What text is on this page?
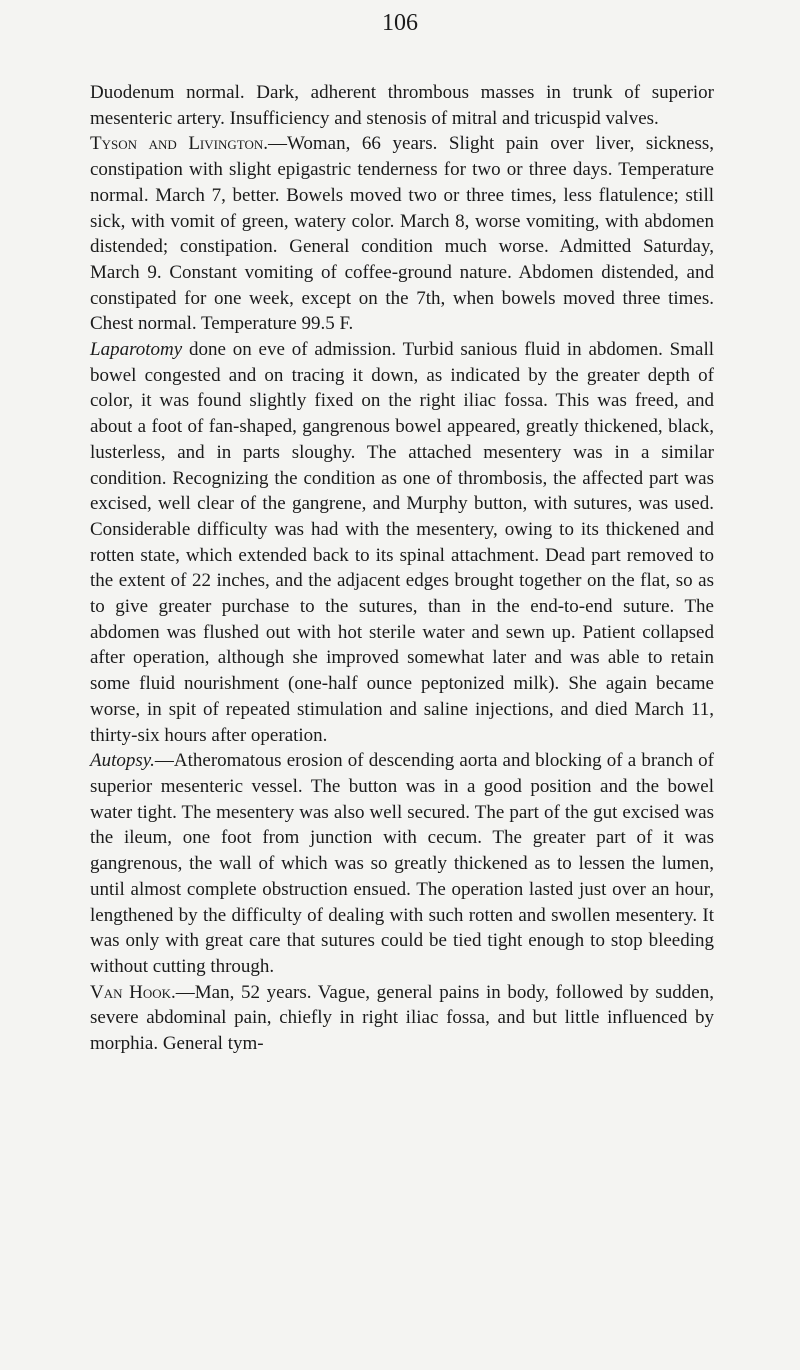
106

Duodenum normal. Dark, adherent thrombous masses in trunk of superior mesenteric artery. Insufficiency and stenosis of mitral and tricuspid valves.

Tyson and Livington.—Woman, 66 years. Slight pain over liver, sickness, constipation with slight epigastric tenderness for two or three days. Temperature normal. March 7, better. Bowels moved two or three times, less flatulence; still sick, with vomit of green, watery color. March 8, worse vomiting, with abdomen distended; constipation. General condition much worse. Admitted Saturday, March 9. Constant vomiting of coffee-ground nature. Abdomen distended, and constipated for one week, except on the 7th, when bowels moved three times. Chest normal. Temperature 99.5 F.

Laparotomy done on eve of admission. Turbid sanious fluid in abdomen. Small bowel congested and on tracing it down, as indicated by the greater depth of color, it was found slightly fixed on the right iliac fossa. This was freed, and about a foot of fan-shaped, gangrenous bowel appeared, greatly thickened, black, lusterless, and in parts sloughy. The attached mesentery was in a similar condition. Recognizing the condition as one of thrombosis, the affected part was excised, well clear of the gangrene, and Murphy button, with sutures, was used. Considerable difficulty was had with the mesentery, owing to its thickened and rotten state, which extended back to its spinal attachment. Dead part removed to the extent of 22 inches, and the adjacent edges brought together on the flat, so as to give greater purchase to the sutures, than in the end-to-end suture. The abdomen was flushed out with hot sterile water and sewn up. Patient collapsed after operation, although she improved somewhat later and was able to retain some fluid nourishment (one-half ounce peptonized milk). She again became worse, in spit of repeated stimulation and saline injections, and died March 11, thirty-six hours after operation.

Autopsy.—Atheromatous erosion of descending aorta and blocking of a branch of superior mesenteric vessel. The button was in a good position and the bowel water tight. The mesentery was also well secured. The part of the gut excised was the ileum, one foot from junction with cecum. The greater part of it was gangrenous, the wall of which was so greatly thickened as to lessen the lumen, until almost complete obstruction ensued. The operation lasted just over an hour, lengthened by the difficulty of dealing with such rotten and swollen mesentery. It was only with great care that sutures could be tied tight enough to stop bleeding without cutting through.

Van Hook.—Man, 52 years. Vague, general pains in body, followed by sudden, severe abdominal pain, chiefly in right iliac fossa, and but little influenced by morphia. General tym-
